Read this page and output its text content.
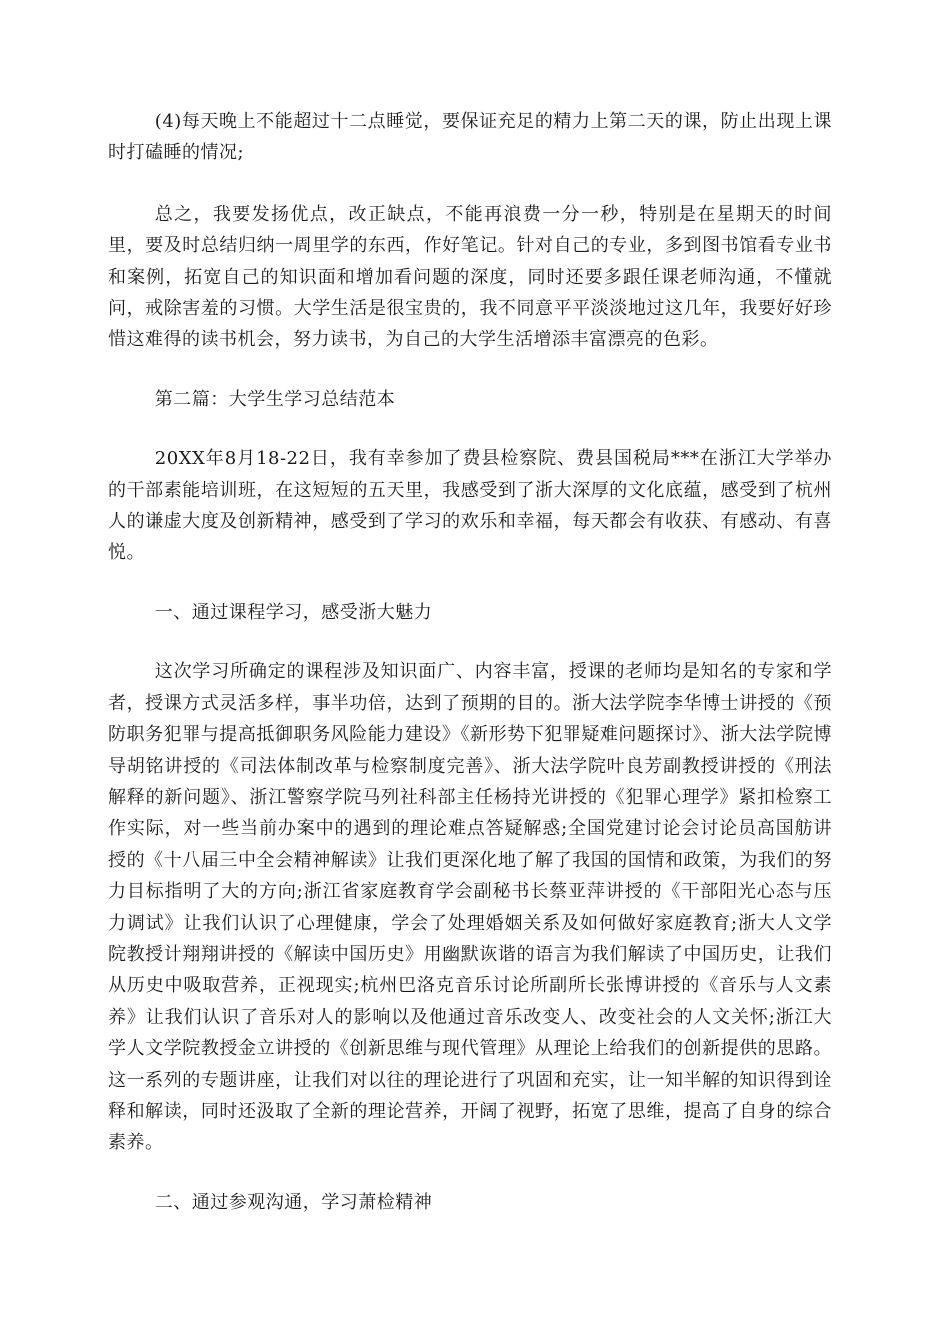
(4)每天晚上不能超过十二点睡觉，要保证充足的精力上第二天的课，防止出现上课时打磕睡的情况;

总之，我要发扬优点，改正缺点，不能再浪费一分一秒，特别是在星期天的时间里，要及时总结归纳一周里学的东西，作好笔记。针对自己的专业，多到图书馆看专业书和案例，拓宽自己的知识面和增加看问题的深度，同时还要多跟任课老师沟通，不懂就问，戒除害羞的习惯。大学生活是很宝贵的，我不同意平平淡淡地过这几年，我要好好珍惜这难得的读书机会，努力读书，为自己的大学生活增添丰富漂亮的色彩。

第二篇：大学生学习总结范本

20XX年8月18-22日，我有幸参加了费县检察院、费县国税局***在浙江大学举办的干部素能培训班，在这短短的五天里，我感受到了浙大深厚的文化底蕴，感受到了杭州人的谦虚大度及创新精神，感受到了学习的欢乐和幸福，每天都会有收获、有感动、有喜悦。

一、通过课程学习，感受浙大魅力

这次学习所确定的课程涉及知识面广、内容丰富，授课的老师均是知名的专家和学者，授课方式灵活多样，事半功倍，达到了预期的目的。浙大法学院李华博士讲授的《预防职务犯罪与提高抵御职务风险能力建设》《新形势下犯罪疑难问题探讨》、浙大法学院博导胡铭讲授的《司法体制改革与检察制度完善》、浙大法学院叶良芳副教授讲授的《刑法解释的新问题》、浙江警察学院马列社科部主任杨持光讲授的《犯罪心理学》紧扣检察工作实际，对一些当前办案中的遇到的理论难点答疑解惑;全国党建讨论会讨论员高国舫讲授的《十八届三中全会精神解读》让我们更深化地了解了我国的国情和政策，为我们的努力目标指明了大的方向;浙江省家庭教育学会副秘书长蔡亚萍讲授的《干部阳光心态与压力调试》让我们认识了心理健康，学会了处理婚姻关系及如何做好家庭教育;浙大人文学院教授计翔翔讲授的《解读中国历史》用幽默诙谐的语言为我们解读了中国历史，让我们从历史中吸取营养，正视现实;杭州巴洛克音乐讨论所副所长张博讲授的《音乐与人文素养》让我们认识了音乐对人的影响以及他通过音乐改变人、改变社会的人文关怀;浙江大学人文学院教授金立讲授的《创新思维与现代管理》从理论上给我们的创新提供的思路。这一系列的专题讲座，让我们对以往的理论进行了巩固和充实，让一知半解的知识得到诠释和解读，同时还汲取了全新的理论营养，开阔了视野，拓宽了思维，提高了自身的综合素养。

二、通过参观沟通，学习萧检精神
